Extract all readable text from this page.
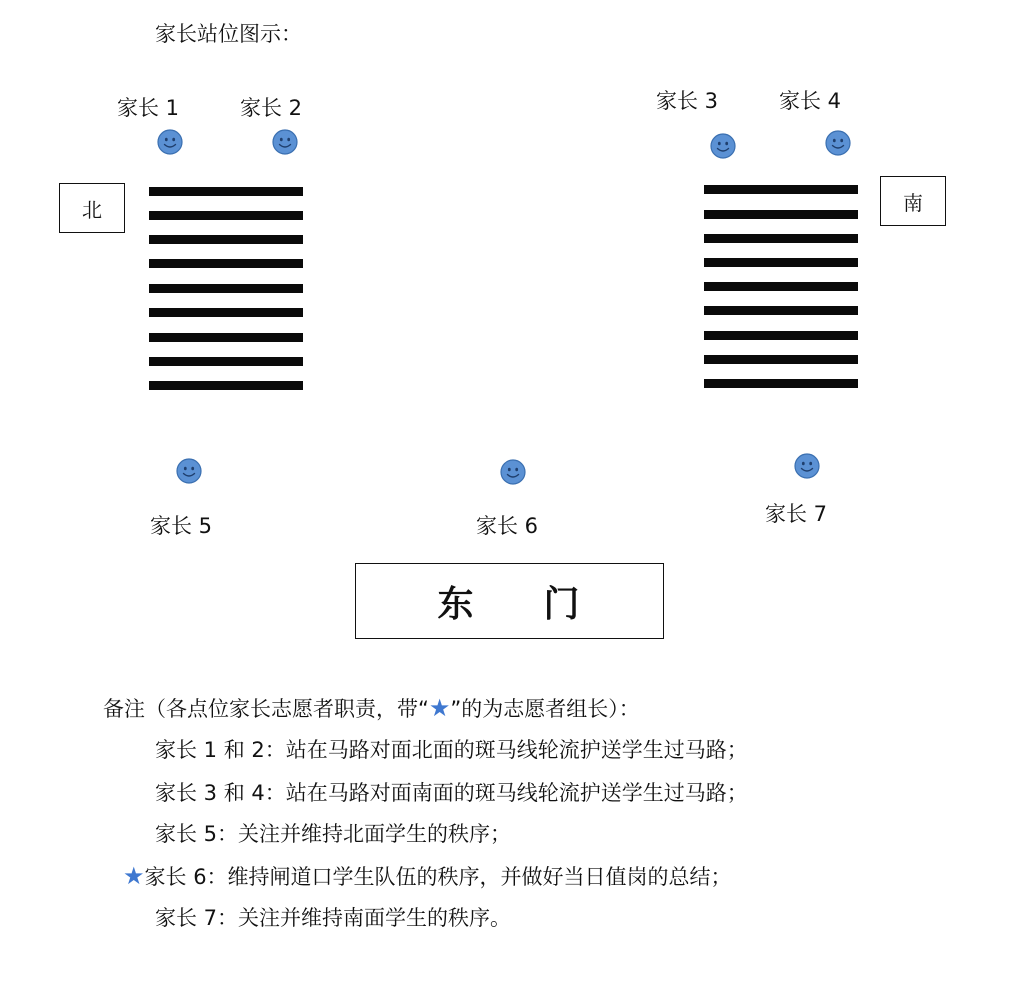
家长站位图示：
家长 1	家长 2	家长 3	家长 4
家长 5	家长 6	家长 7
北	南
东 门
备注（各点位家长志愿者职责，带“★”的为志愿者组长）：
家长 1 和 2：站在马路对面北面的斑马线轮流护送学生过马路；
家长 3 和 4：站在马路对面南面的斑马线轮流护送学生过马路；
家长 5：关注并维持北面学生的秩序；
★家长 6：维持闸道口学生队伍的秩序，并做好当日值岗的总结；
家长 7：关注并维持南面学生的秩序。
